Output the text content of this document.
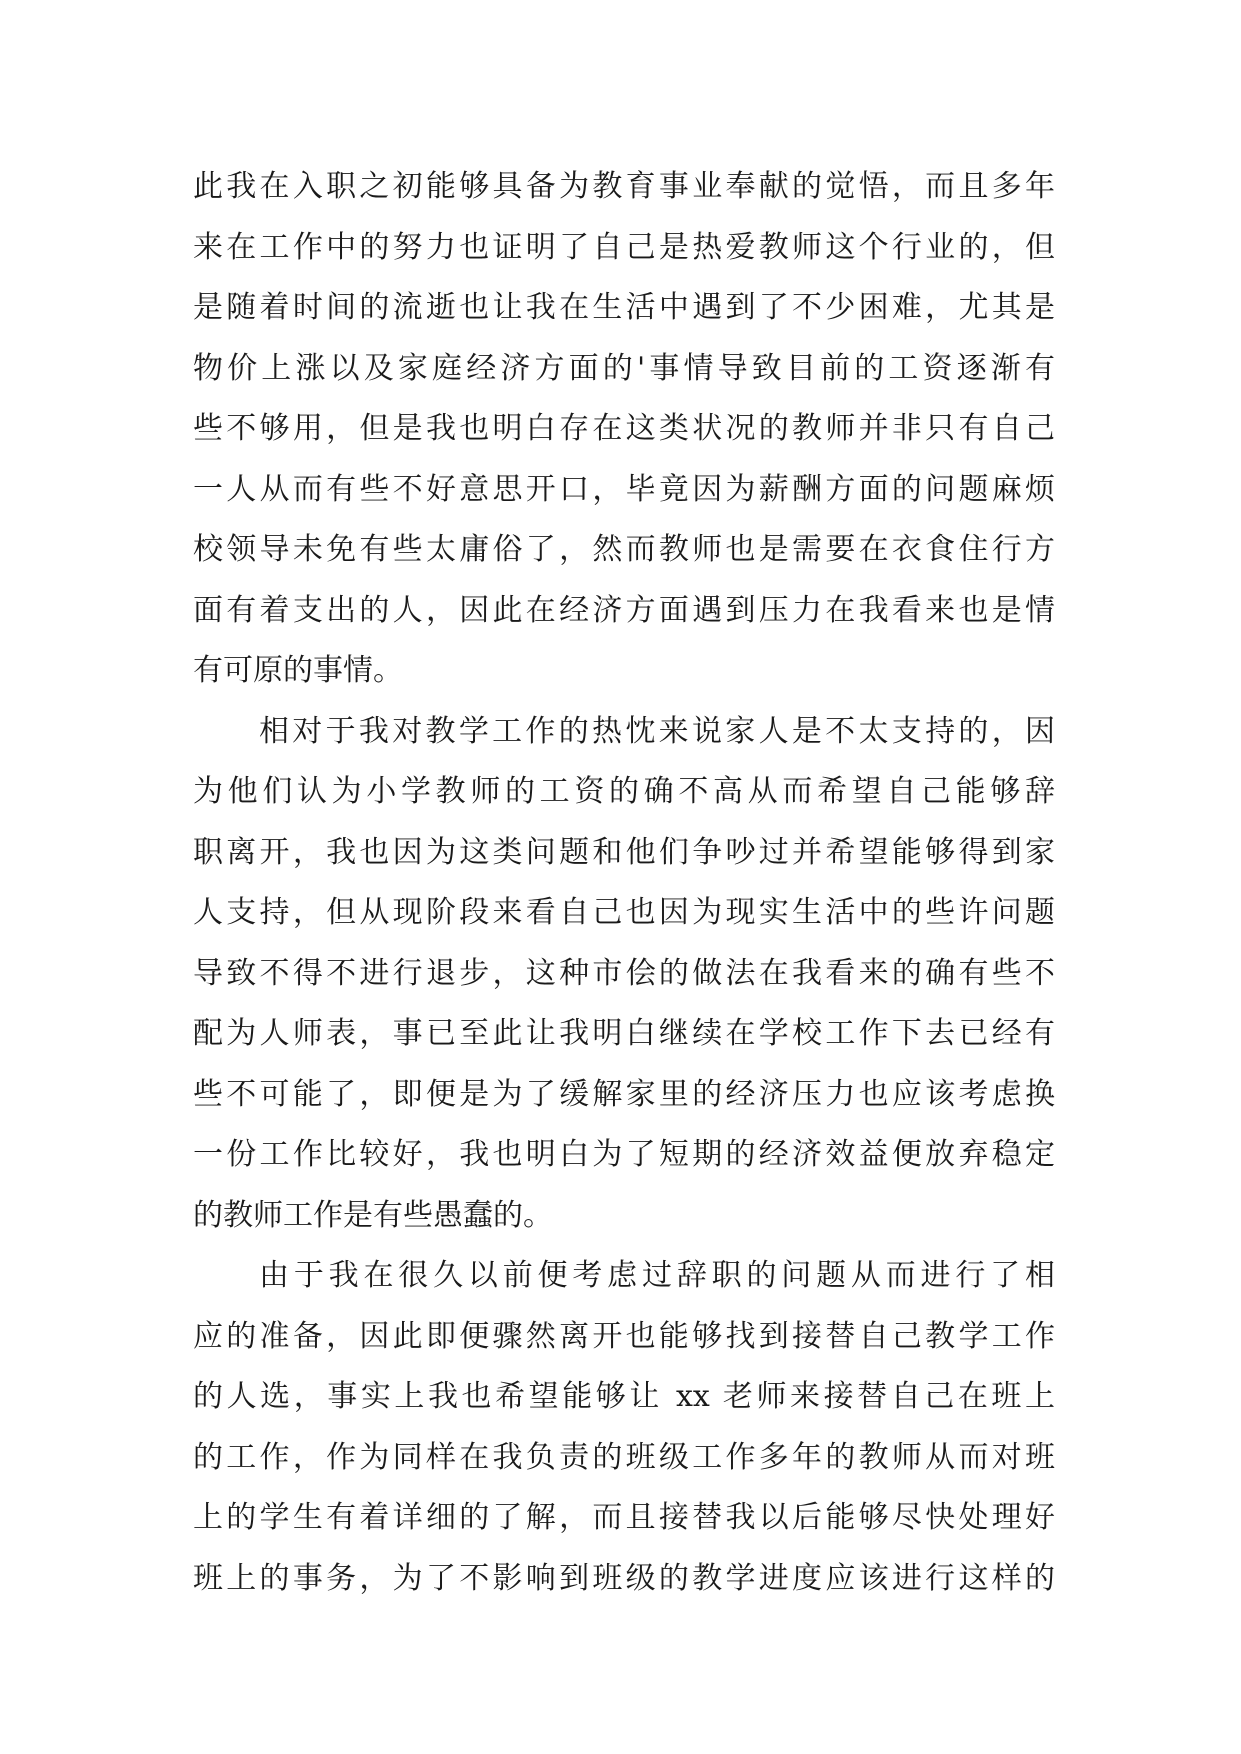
此我在入职之初能够具备为教育事业奉献的觉悟，而且多年
来在工作中的努力也证明了自己是热爱教师这个行业的，但
是随着时间的流逝也让我在生活中遇到了不少困难，尤其是
物价上涨以及家庭经济方面的'事情导致目前的工资逐渐有
些不够用，但是我也明白存在这类状况的教师并非只有自己
一人从而有些不好意思开口，毕竟因为薪酬方面的问题麻烦
校领导未免有些太庸俗了，然而教师也是需要在衣食住行方
面有着支出的人，因此在经济方面遇到压力在我看来也是情
有可原的事情。
相对于我对教学工作的热忱来说家人是不太支持的，因
为他们认为小学教师的工资的确不高从而希望自己能够辞
职离开，我也因为这类问题和他们争吵过并希望能够得到家
人支持，但从现阶段来看自己也因为现实生活中的些许问题
导致不得不进行退步，这种市侩的做法在我看来的确有些不
配为人师表，事已至此让我明白继续在学校工作下去已经有
些不可能了，即便是为了缓解家里的经济压力也应该考虑换
一份工作比较好，我也明白为了短期的经济效益便放弃稳定
的教师工作是有些愚蠢的。
由于我在很久以前便考虑过辞职的问题从而进行了相
应的准备，因此即便骤然离开也能够找到接替自己教学工作
的人选，事实上我也希望能够让 xx 老师来接替自己在班上
的工作，作为同样在我负责的班级工作多年的教师从而对班
上的学生有着详细的了解，而且接替我以后能够尽快处理好
班上的事务，为了不影响到班级的教学进度应该进行这样的
